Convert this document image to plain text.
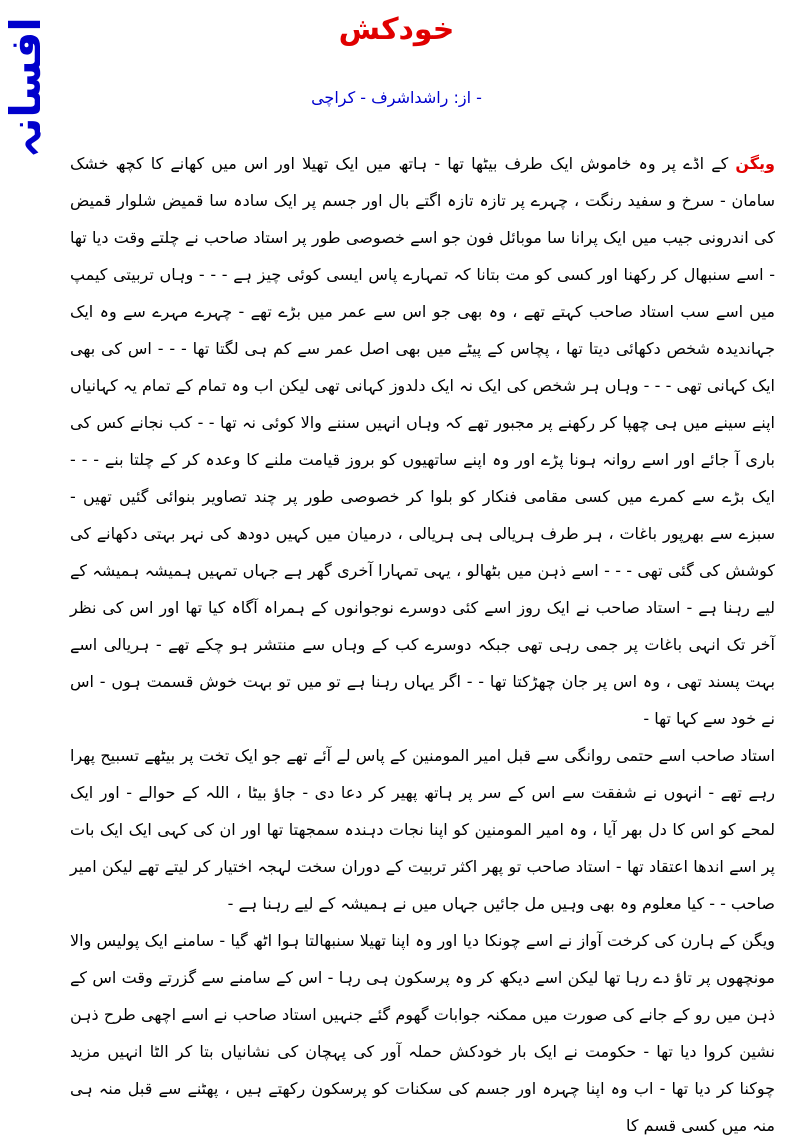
افسانہ	خودکش
از: راشداشرف - کراچی -

ویگن کے اڈے پر وہ خاموش ایک طرف بیٹھا تھا - ہاتھ میں ایک تھیلا اور اس میں کھانے کا کچھ خشک سامان - سرخ و سفید رنگت ، چہرے پر تازہ تازہ اگتے بال اور جسم پر ایک سادہ سا قمیض شلوار قمیض کی اندرونی جیب میں ایک پرانا سا موبائل فون جو اسے خصوصی طور پر استاد صاحب نے چلتے وقت دیا تھا - اسے سنبھال کر رکھنا اور کسی کو مت بتانا کہ تمہارے پاس ایسی کوئی چیز ہے - - - وہاں تربیتی کیمپ میں اسے سب استاد صاحب کہتے تھے ، وہ بھی جو اس سے عمر میں بڑے تھے - چہرے مہرے سے وہ ایک جہاندیدہ شخص دکھائی دیتا تھا ، پچاس کے پیٹے میں بھی اصل عمر سے کم ہی لگتا تھا - - - اس کی بھی ایک کہانی تھی - - - وہاں ہر شخص کی ایک نہ ایک دلدوز کہانی تھی لیکن اب وہ تمام کے تمام یہ کہانیاں اپنے سینے میں ہی چھپا کر رکھنے پر مجبور تھے کہ وہاں انہیں سننے والا کوئی نہ تھا - - کب نجانے کس کی باری آ جائے اور اسے روانہ ہونا پڑے اور وہ اپنے ساتھیوں کو بروز قیامت ملنے کا وعدہ کر کے چلتا بنے - - - ایک بڑے سے کمرے میں کسی مقامی فنکار کو بلوا کر خصوصی طور پر چند تصاویر بنوائی گئیں تھیں - سبزے سے بھرپور باغات ، ہر طرف ہریالی ہی ہریالی ، درمیان میں کہیں دودھ کی نہر بہتی دکھانے کی کوشش کی گئی تھی - - - اسے ذہن میں بٹھالو ، یہی تمہارا آخری گھر ہے جہاں تمہیں ہمیشہ ہمیشہ کے لیے رہنا ہے - استاد صاحب نے ایک روز اسے کئی دوسرے نوجوانوں کے ہمراہ آگاہ کیا تھا اور اس کی نظر آخر تک انہی باغات پر جمی رہی تھی جبکہ دوسرے کب کے وہاں سے منتشر ہو چکے تھے - ہریالی اسے بہت پسند تھی ، وہ اس پر جان چھڑکتا تھا - - اگر یہاں رہنا ہے تو میں تو بہت خوش قسمت ہوں - اس نے خود سے کہا تھا -

استاد صاحب اسے حتمی روانگی سے قبل امیر المومنین کے پاس لے آئے تھے جو ایک تخت پر بیٹھے تسبیح پھرا رہے تھے - انہوں نے شفقت سے اس کے سر پر ہاتھ پھیر کر دعا دی - جاؤ بیٹا ، اللہ کے حوالے - اور ایک لمحے کو اس کا دل بھر آیا ، وہ امیر المومنین کو اپنا نجات دہندہ سمجھتا تھا اور ان کی کہی ایک ایک بات پر اسے اندھا اعتقاد تھا - استاد صاحب تو پھر اکثر تربیت کے دوران سخت لہجہ اختیار کر لیتے تھے لیکن امیر صاحب - - کیا معلوم وہ بھی وہیں مل جائیں جہاں میں نے ہمیشہ کے لیے رہنا ہے -

ویگن کے ہارن کی کرخت آواز نے اسے چونکا دیا اور وہ اپنا تھیلا سنبھالتا ہوا اٹھ گیا - سامنے ایک پولیس والا مونچھوں پر تاؤ دے رہا تھا لیکن اسے دیکھ کر وہ پرسکون ہی رہا - اس کے سامنے سے گزرتے وقت اس کے ذہن میں رو کے جانے کی صورت میں ممکنہ جوابات گھوم گئے جنہیں استاد صاحب نے اسے اچھی طرح ذہن نشین کروا دیا تھا - حکومت نے ایک بار خودکش حملہ آور کی پہچان کی نشانیاں بتا کر الٹا انہیں مزید چوکنا کر دیا تھا - اب وہ اپنا چہرہ اور جسم کی سکنات کو پرسکون رکھتے ہیں ، پھٹنے سے قبل منہ ہی منہ میں کسی قسم کا
